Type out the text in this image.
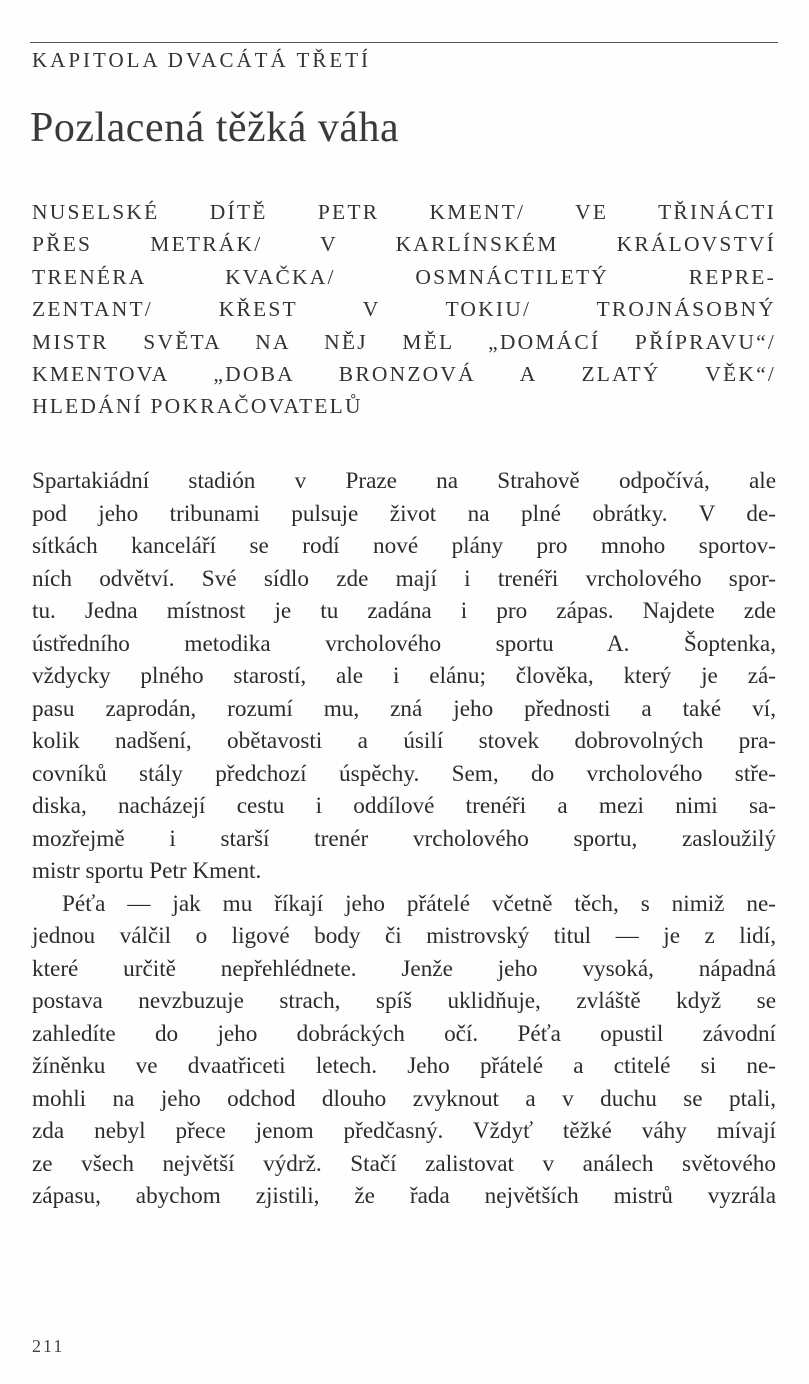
KAPITOLA DVACÁTÁ TŘETÍ
Pozlacená těžká váha
NUSELSKÉ DÍTĚ PETR KMENT/ VE TŘINÁCTI
PŘES METRÁK/ V KARLÍNSKÉM KRÁLOVSTVÍ
TRENÉRA KVAČKA/ OSMNÁCTILETÝ REPRE-
ZENTANT/ KŘEST V TOKIU/ TROJNÁSOBNÝ
MISTR SVĚTA NA NĚJ MĚL „DOMÁCÍ PŘÍPRAVU“/
KMENTOVA „DOBA BRONZOVÁ A ZLATÝ VĚK“/
HLEDÁNÍ POKRAČOVATELŮ
Spartakiádní stadión v Praze na Strahově odpočívá, ale
pod jeho tribunami pulsuje život na plné obrátky. V de-
sítkách kanceláří se rodí nové plány pro mnoho sportov-
ních odvětví. Své sídlo zde mají i trenéři vrcholového spor-
tu. Jedna místnost je tu zadána i pro zápas. Najdete zde
ústředního metodika vrcholového sportu A. Šoptenka,
vždycky plného starostí, ale i elánu; člověka, který je zá-
pasu zaprodán, rozumí mu, zná jeho přednosti a také ví,
kolik nadšení, obětavosti a úsilí stovek dobrovolných pra-
covníků stály předchozí úspěchy. Sem, do vrcholového stře-
diska, nacházejí cestu i oddílové trenéři a mezi nimi sa-
mozřejmě i starší trenér vrcholového sportu, zasloužilý
mistr sportu Petr Kment.
Péťa — jak mu říkají jeho přátelé včetně těch, s nimiž ne-
jednou válčil o ligové body či mistrovský titul — je z lidí,
které určitě nepřehlédnete. Jenže jeho vysoká, nápadná
postava nevzbuzuje strach, spíš uklidňuje, zvláště když se
zahledíte do jeho dobráckých očí. Péťa opustil závodní
žíněnku ve dvaatřiceti letech. Jeho přátelé a ctitelé si ne-
mohli na jeho odchod dlouho zvyknout a v duchu se ptali,
zda nebyl přece jenom předčasný. Vždyť těžké váhy mívají
ze všech největší výdrž. Stačí zalistovat v análech světového
zápasu, abychom zjistili, že řada největších mistrů vyzrála
211
